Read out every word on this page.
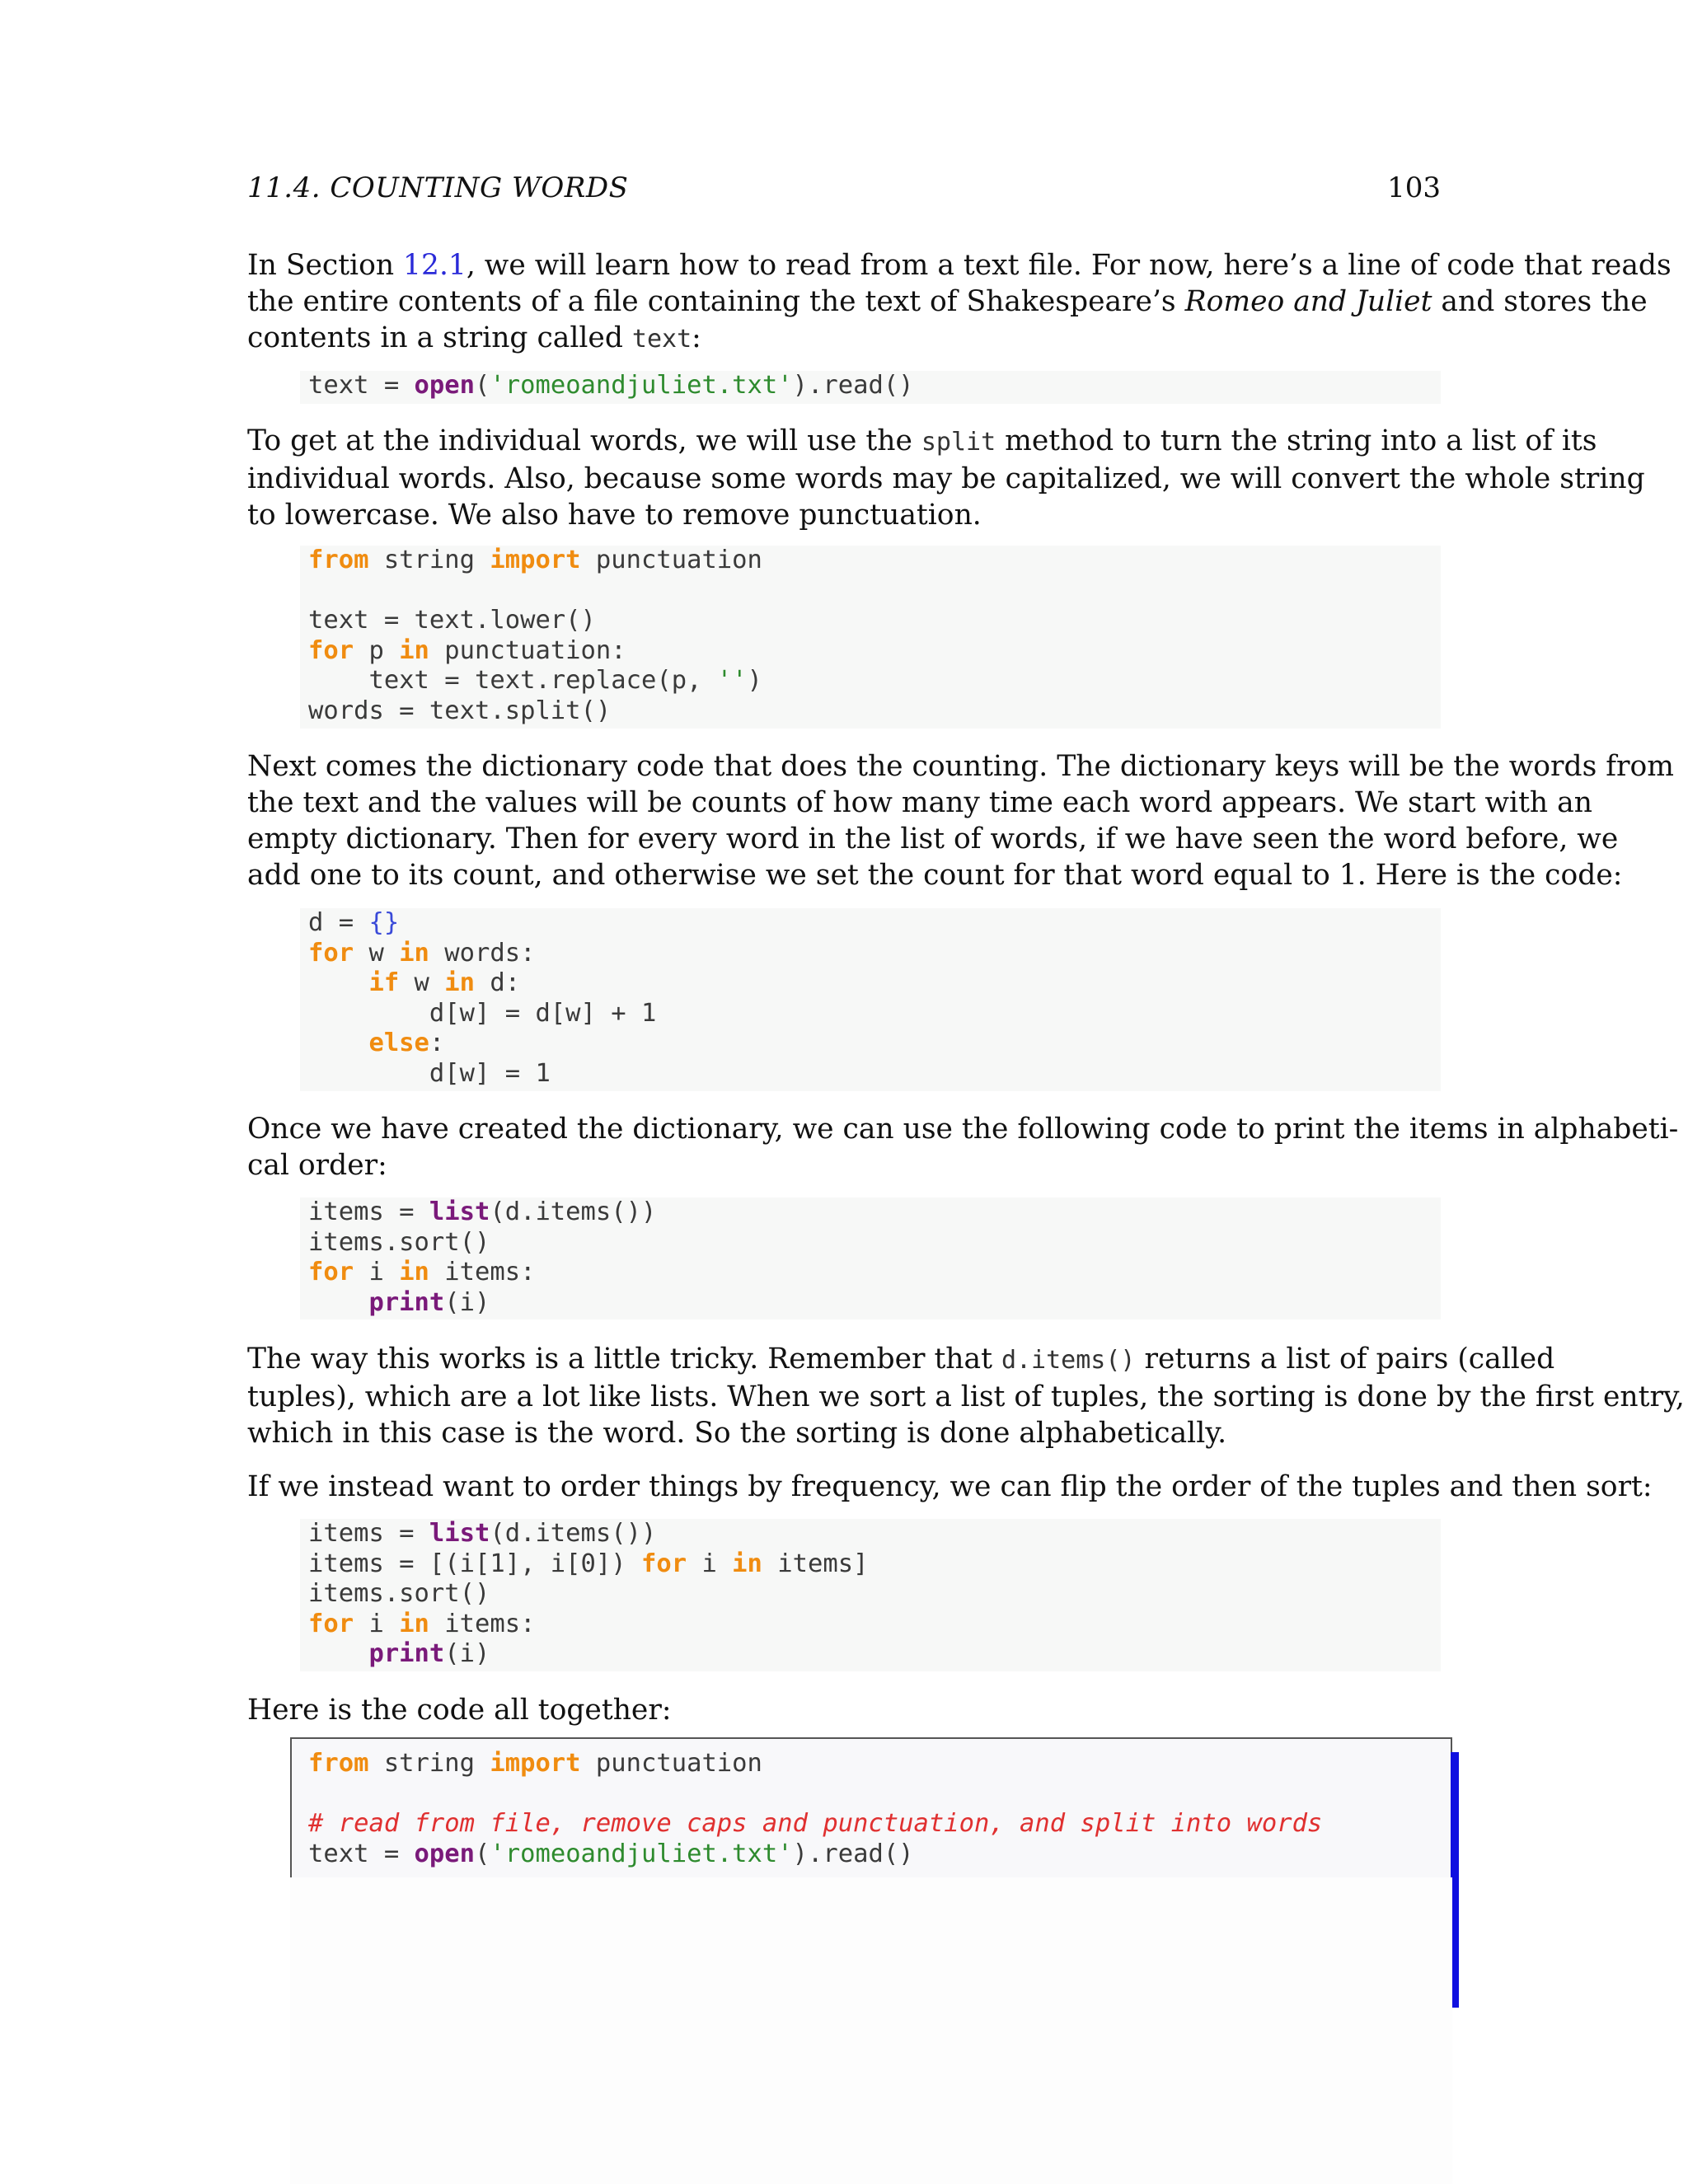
11.4. COUNTING WORDS	103
In Section 12.1, we will learn how to read from a text file. For now, here’s a line of code that reads
the entire contents of a file containing the text of Shakespeare’s Romeo and Juliet and stores the
contents in a string called text:
text = open('romeoandjuliet.txt').read()
To get at the individual words, we will use the split method to turn the string into a list of its
individual words. Also, because some words may be capitalized, we will convert the whole string
to lowercase. We also have to remove punctuation.
from string import punctuation
text = text.lower()
for p in punctuation:
text = text.replace(p, '')
words = text.split()
Next comes the dictionary code that does the counting. The dictionary keys will be the words from
the text and the values will be counts of how many time each word appears. We start with an
empty dictionary. Then for every word in the list of words, if we have seen the word before, we
add one to its count, and otherwise we set the count for that word equal to 1. Here is the code:
d = {}
for w in words:
if w in d:
d[w] = d[w] + 1
else:
d[w] = 1
Once we have created the dictionary, we can use the following code to print the items in alphabeti-
cal order:
items = list(d.items())
items.sort()
for i in items:
print(i)
The way this works is a little tricky. Remember that d.items() returns a list of pairs (called
tuples), which are a lot like lists. When we sort a list of tuples, the sorting is done by the first entry,
which in this case is the word. So the sorting is done alphabetically.
If we instead want to order things by frequency, we can flip the order of the tuples and then sort:
items = list(d.items())
items = [(i[1], i[0]) for i in items]
items.sort()
for i in items:
print(i)
Here is the code all together:
from string import punctuation
# read from file, remove caps and punctuation, and split into words
text = open('romeoandjuliet.txt').read()
